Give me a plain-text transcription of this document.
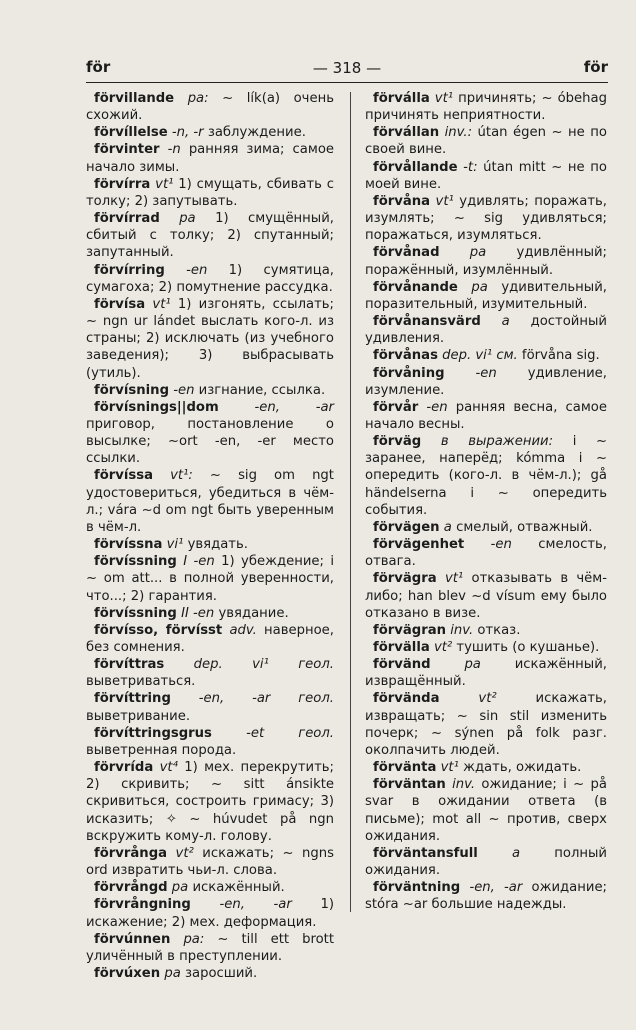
för	— 318 —	för
förvillande pa: ~ lík(a) очень схожий.
förvíllelse -n, -r заблуждение.
förvinter -n ранняя зима; самое начало зимы.
förvírra vt¹ 1) смущать, сбивать с толку; 2) запутывать.
förvírrad pa 1) смущённый, сбитый с толку; 2) спутанный; запутанный.
förvírring -en 1) сумятица, сумагоха; 2) помутнение рассудка.
förvísa vt¹ 1) изгонять, ссылать; ~ ngn ur lándet выслать кого-л. из страны; 2) исключать (из учебного заведения); 3) выбрасывать (утиль).
förvísning -en изгнание, ссылка.
förvísnings||dom	-en, -ar приговор, постановление о высылке; ~ort -en, -er место ссылки.
förvíssa vt¹: ~ sig om ngt удостовериться, убедиться в чём-л.; vára ~d om ngt быть уверенным в чём-л.
förvíssna vi¹ увядать.
förvíssning I -en 1) убеждение; i ~ om att... в полной уверенности, что...; 2) гарантия.
förvíssning II -en увядание.
förvísso, förvísst adv. наверное, без сомнения.
förvíttras dep. vi¹ геол. выветриваться.
förvíttring -en, -ar геол. выветривание.
förvíttringsgrus	-et геол. выветренная порода.
förvrída vt⁴ 1) мех. перекрутить; 2) скривить; ~ sitt ánsikte скривиться, состроить гримасу; 3) исказить; ✧ ~ húvudet på ngn вскружить кому-л. голову.
förvrånga vt² искажать; ~ ngns ord извратить чьи-л. слова.
förvrångd pa искажённый.
förvrångning -en, -ar 1) искажение; 2) мех. деформация.
förvúnnen pa: ~ till ett brott уличённый в преступлении.
förvúxen pa заросший.
förválla vt¹ причинять; ~ óbehag причинять неприятности.
förvállan inv.: útan égen ~ не по своей вине.
förvållande -t: útan mitt ~ не по моей вине.
förvåna vt¹ удивлять; поражать, изумлять; ~ sig удивляться; поражаться, изумляться.
förvånad pa удивлённый; поражённый, изумлённый.
förvånande pa удивительный, поразительный, изумительный.
förvånansvärd a достойный удивления.
förvånas dep. vi¹ см. förvåna sig.
förvåning -en удивление, изумление.
förvår -en ранняя весна, самое начало весны.
förväg в выражении: i ~ заранее, наперёд; kómma i ~ опередить (кого-л. в чём-л.); gå händelserna i ~ опередить события.
förvägen a смелый, отважный.
förvägenhet -en смелость, отвага.
förvägra vt¹ отказывать в чём-либо; han blev ~d vísum ему было отказано в визе.
förvägran inv. отказ.
förvälla vt² тушить (о кушанье).
förvänd	pa	искажённый, извращённый.
förvända	vt²	искажать, извращать; ~ sin stil изменить почерк; ~ sýnen på folk разг. околпачить людей.
förvänta vt¹ ждать, ожидать.
förväntan inv. ожидание; i ~ på svar в ожидании ответа (в письме); mot all ~ против, сверх ожидания.
förväntansfull	a	полный ожидания.
förväntning -en, -ar ожидание; stóra ~ar большие надежды.
